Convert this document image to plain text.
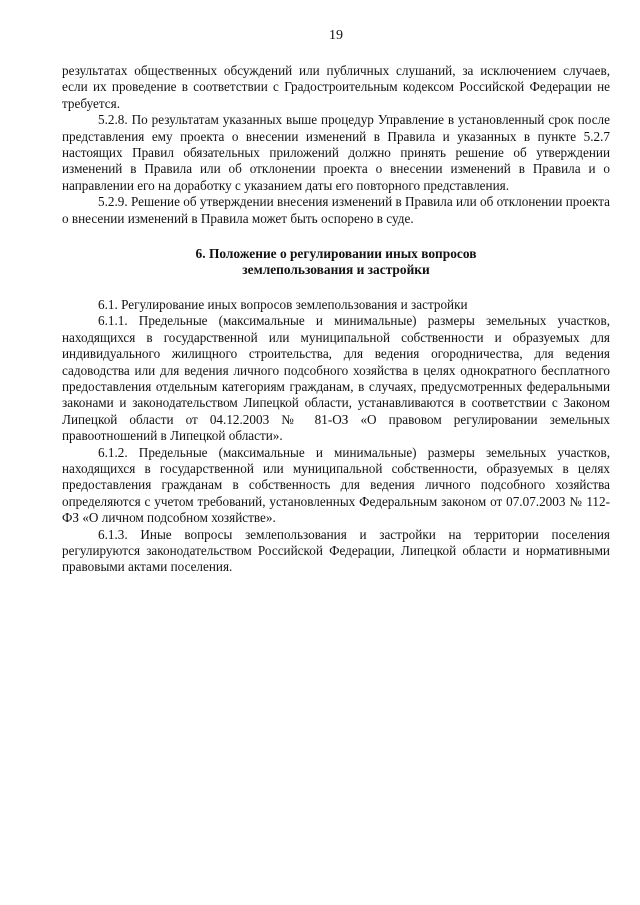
19

результатах общественных обсуждений или публичных слушаний, за исключением случаев, если их проведение в соответствии с Градостроительным кодексом Российской Федерации не требуется.

5.2.8. По результатам указанных выше процедур Управление в установленный срок после представления ему проекта о внесении изменений в Правила и указанных в пункте 5.2.7 настоящих Правил обязательных приложений должно принять решение об утверждении изменений в Правила или об отклонении проекта о внесении изменений в Правила и о направлении его на доработку с указанием даты его повторного представления.

5.2.9. Решение об утверждении внесения изменений в Правила или об отклонении проекта о внесении изменений в Правила может быть оспорено в суде.

6. Положение о регулировании иных вопросов
землепользования и застройки

6.1. Регулирование иных вопросов землепользования и застройки

6.1.1. Предельные (максимальные и минимальные) размеры земельных участков, находящихся в государственной или муниципальной собственности и образуемых для индивидуального жилищного строительства, для ведения огородничества, для ведения садоводства или для ведения личного подсобного хозяйства в целях однократного бесплатного предоставления отдельным категориям гражданам, в случаях, предусмотренных федеральными законами и законодательством Липецкой области, устанавливаются в соответствии с Законом Липецкой области от 04.12.2003 № 81-ОЗ «О правовом регулировании земельных правоотношений в Липецкой области».

6.1.2. Предельные (максимальные и минимальные) размеры земельных участков, находящихся в государственной или муниципальной собственности, образуемых в целях предоставления гражданам в собственность для ведения личного подсобного хозяйства определяются с учетом требований, установленных Федеральным законом от 07.07.2003 № 112-ФЗ «О личном подсобном хозяйстве».

6.1.3. Иные вопросы землепользования и застройки на территории поселения регулируются законодательством Российской Федерации, Липецкой области и нормативными правовыми актами поселения.
